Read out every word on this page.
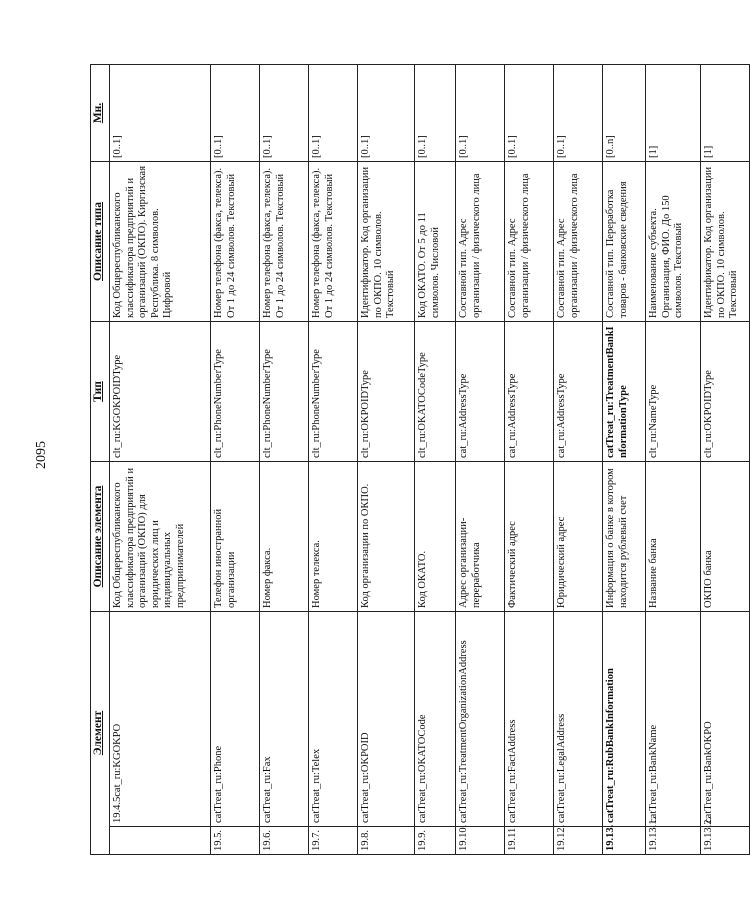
2095
Элемент		Описание элемента	Тип	Описание типа	Мн.
	19.4.5cat_ru:KGOKPO	Код Общереспубликанского классификатора предприятий и организаций (ОКПО) для юридических лиц и индивидуальных предпринимателей	clt_ru:KGOKPOIDType	Код Общереспубликанского классификатора предприятий и организаций (ОКПО). Киргизская Республика. 8 символов. Цифровой	[0..1]
19.5.	catTreat_ru:Phone	Телефон иностранной организации	clt_ru:PhoneNumberType	Номер телефона (факса, телекса). От 1 до 24 символов. Текстовый	[0..1]
19.6.	catTreat_ru:Fax	Номер факса.	clt_ru:PhoneNumberType	Номер телефона (факса, телекса). От 1 до 24 символов. Текстовый	[0..1]
19.7.	catTreat_ru:Telex	Номер телекса.	clt_ru:PhoneNumberType	Номер телефона (факса, телекса). От 1 до 24 символов. Текстовый	[0..1]
19.8.	catTreat_ru:OKPOID	Код организации по ОКПО.	clt_ru:OKPOIDType	Идентификатор. Код организации по ОКПО. 10 символов. Текстовый	[0..1]
19.9.	catTreat_ru:OKATOCode	Код ОКАТО.	clt_ru:OKATOCodeType	Код ОКАТО. От 5 до 11 символов. Числовой	[0..1]
19.10.	catTreat_ru:TreatmentOrganizationAddress	Адрес организации-переработчика	cat_ru:AddressType	Составной тип. Адрес организации / физического лица	[0..1]
19.11.	catTreat_ru:FactAddress	Фактический адрес	cat_ru:AddressType	Составной тип. Адрес организации / физического лица	[0..1]
19.12.	catTreat_ru:LegalAddress	Юридический адрес	cat_ru:AddressType	Составной тип. Адрес организации / физического лица	[0..1]
19.13.	catTreat_ru:RubBankInformation	Информация о банке в котором находится рублевый счет	catTreat_ru:TreatmentBankInformationType	Составной тип. Переработка товаров - банковские сведения	[0..n]
19.13.1.	catTreat_ru:BankName	Название банка	clt_ru:NameType	Наименование субъекта. Организация, ФИО. До 150 символов. Текстовый	[1]
19.13.2.	catTreat_ru:BankOKPO	ОКПО банка	clt_ru:OKPOIDType	Идентификатор. Код организации по ОКПО. 10 символов. Текстовый	[1]
